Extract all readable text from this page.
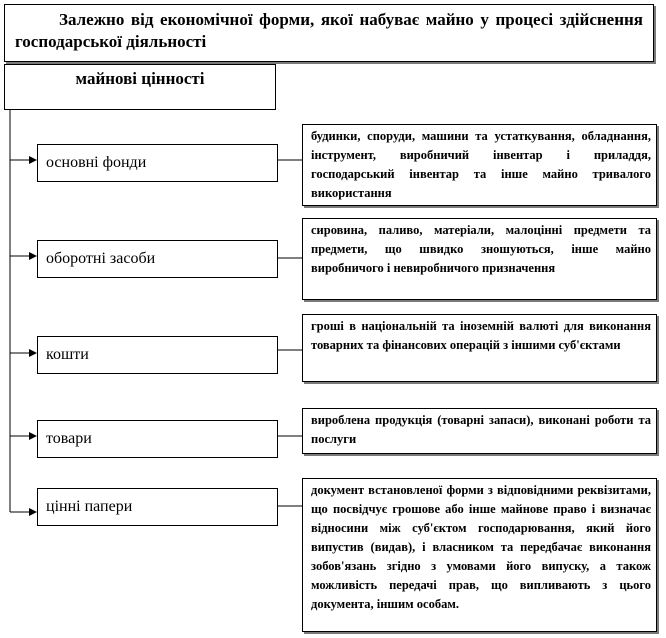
Залежно від економічної форми, якої набуває майно у процесі здійснення господарської діяльності
майнові цінності
основні фонди
оборотні засоби
кошти
товари
цінні папери
будинки, споруди, машини та устаткування, обладнання, інструмент, виробничий інвентар і приладдя, господарський інвентар та інше майно тривалого використання
сировина, паливо, матеріали, малоцінні предмети та предмети, що швидко зношуються, інше майно виробничого і невиробничого призначення
гроші в національній та іноземній валюті для виконання товарних та фінансових операцій з іншими суб'єктами
вироблена продукція (товарні запаси), виконані роботи та послуги
документ встановленої форми з відповідними реквізитами, що посвідчує грошове або інше майнове право і визначає відносини між суб'єктом господарювання, який його випустив (видав), і власником та передбачає виконання зобов'язань згідно з умовами його випуску, а також можливість передачі прав, що випливають з цього документа, іншим особам.
